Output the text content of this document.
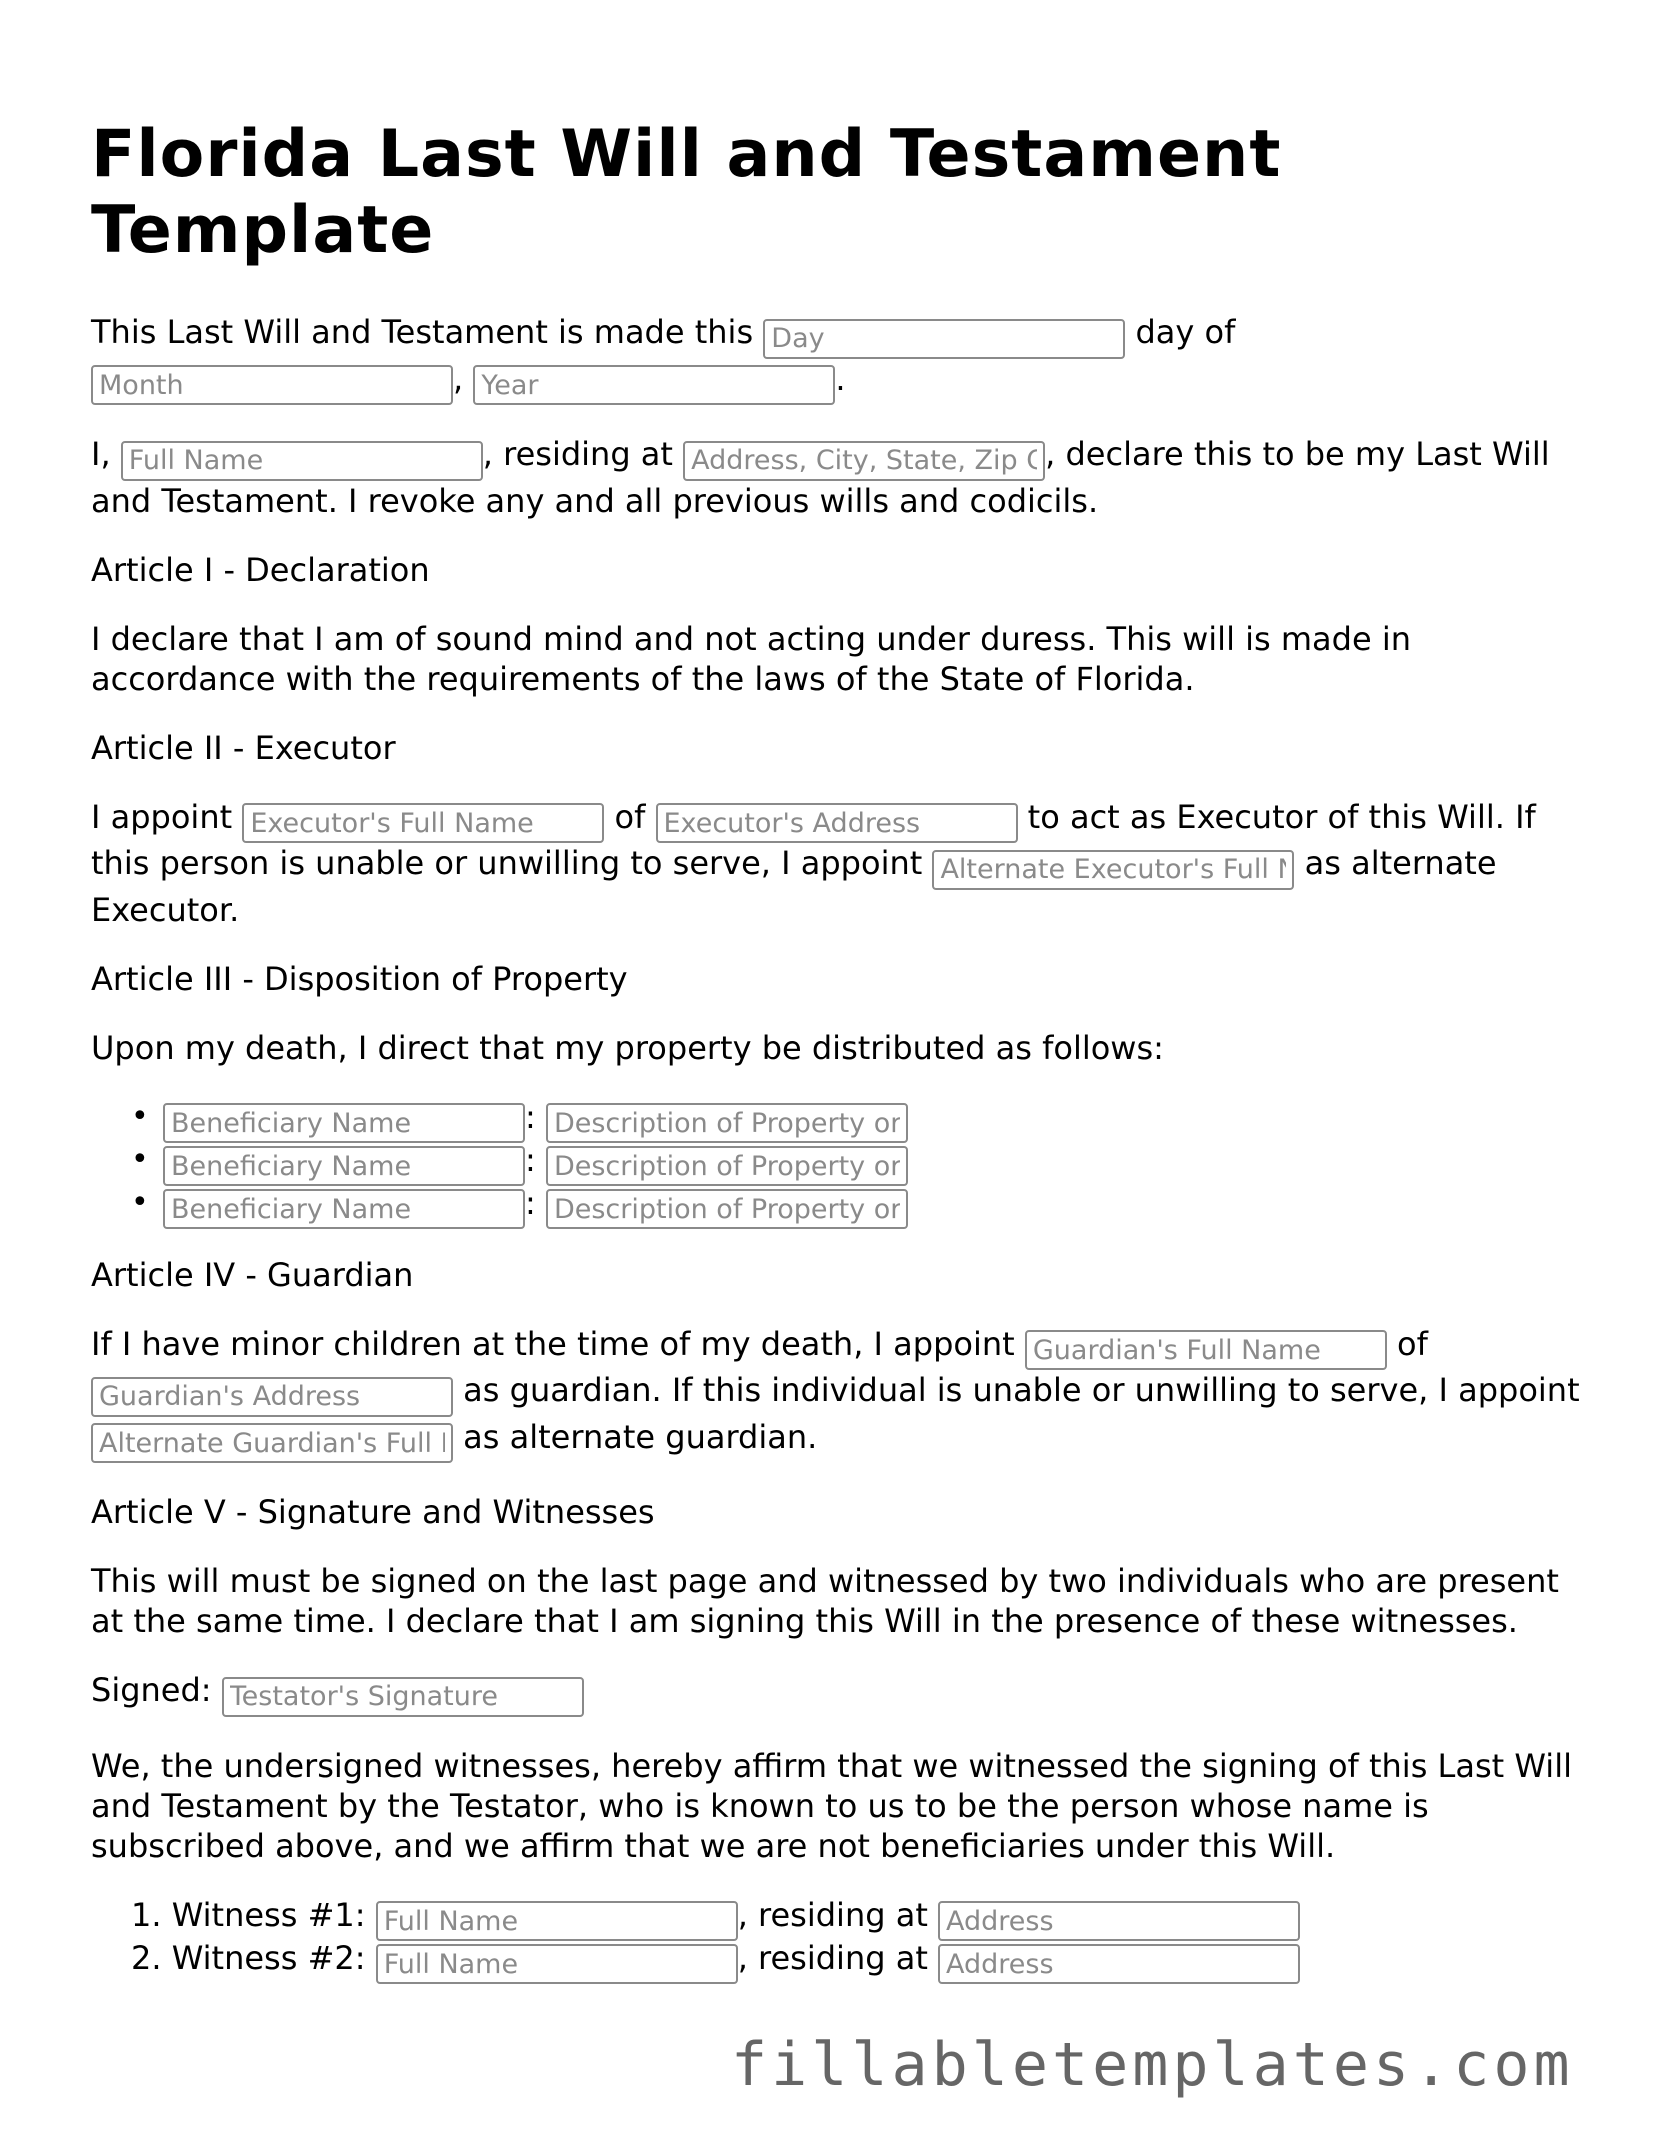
Florida Last Will and Testament Template

This Last Will and Testament is made this Day	day of
Month, Year	.

I, Full Name	, residing at Address, City, State, Zip Code	, declare this to be my Last Will and Testament. I revoke any and all previous wills and codicils.

Article I - Declaration

I declare that I am of sound mind and not acting under duress. This will is made in accordance with the requirements of the laws of the State of Florida.

Article II - Executor

I appoint Executor's Full Name	of Executor's Address	to act as Executor of this Will. If this person is unable or unwilling to serve, I appoint Alternate Executor's Full Name	as alternate Executor.

Article III - Disposition of Property

Upon my death, I direct that my property be distributed as follows:

•
Beneficiary Name	: Description of Property or Assets
•
Beneficiary Name	: Description of Property or Assets
•
Beneficiary Name	: Description of Property or Assets

Article IV - Guardian

If I have minor children at the time of my death, I appoint Guardian's Full Name	of Guardian's Address as guardian. If this individual is unable or unwilling to serve, I appoint Alternate Guardian's Full Name as alternate guardian.

Article V - Signature and Witnesses

This will must be signed on the last page and witnessed by two individuals who are present at the same time. I declare that I am signing this Will in the presence of these witnesses.

Signed: Testator's Signature

We, the undersigned witnesses, hereby affirm that we witnessed the signing of this Last Will and Testament by the Testator, who is known to us to be the person whose name is subscribed above, and we affirm that we are not beneficiaries under this Will.

1. Witness #1: Full Name	, residing at Address
2. Witness #2: Full Name	, residing at Address
fillabletemplates.com
